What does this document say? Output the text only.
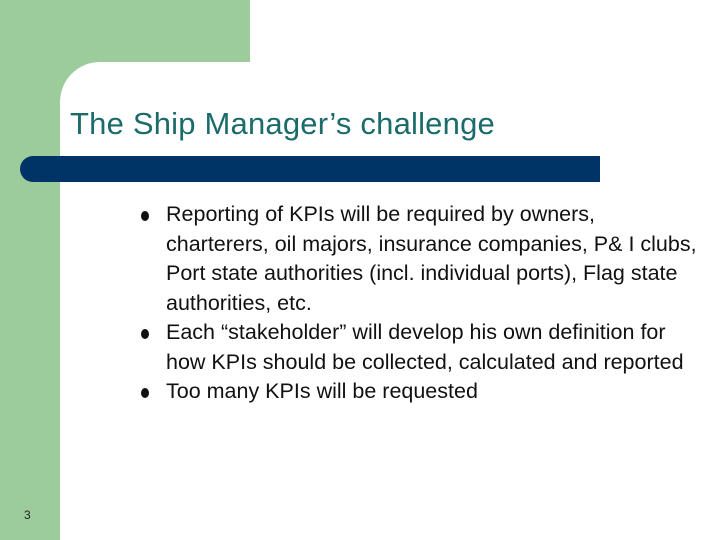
The Ship Manager’s challenge
Reporting of KPIs will be required by owners, charterers, oil majors, insurance companies, P& I clubs, Port state authorities (incl. individual ports), Flag state authorities, etc.
Each “stakeholder” will develop his own definition for how KPIs should be collected, calculated and reported
Too many KPIs will be requested
3
